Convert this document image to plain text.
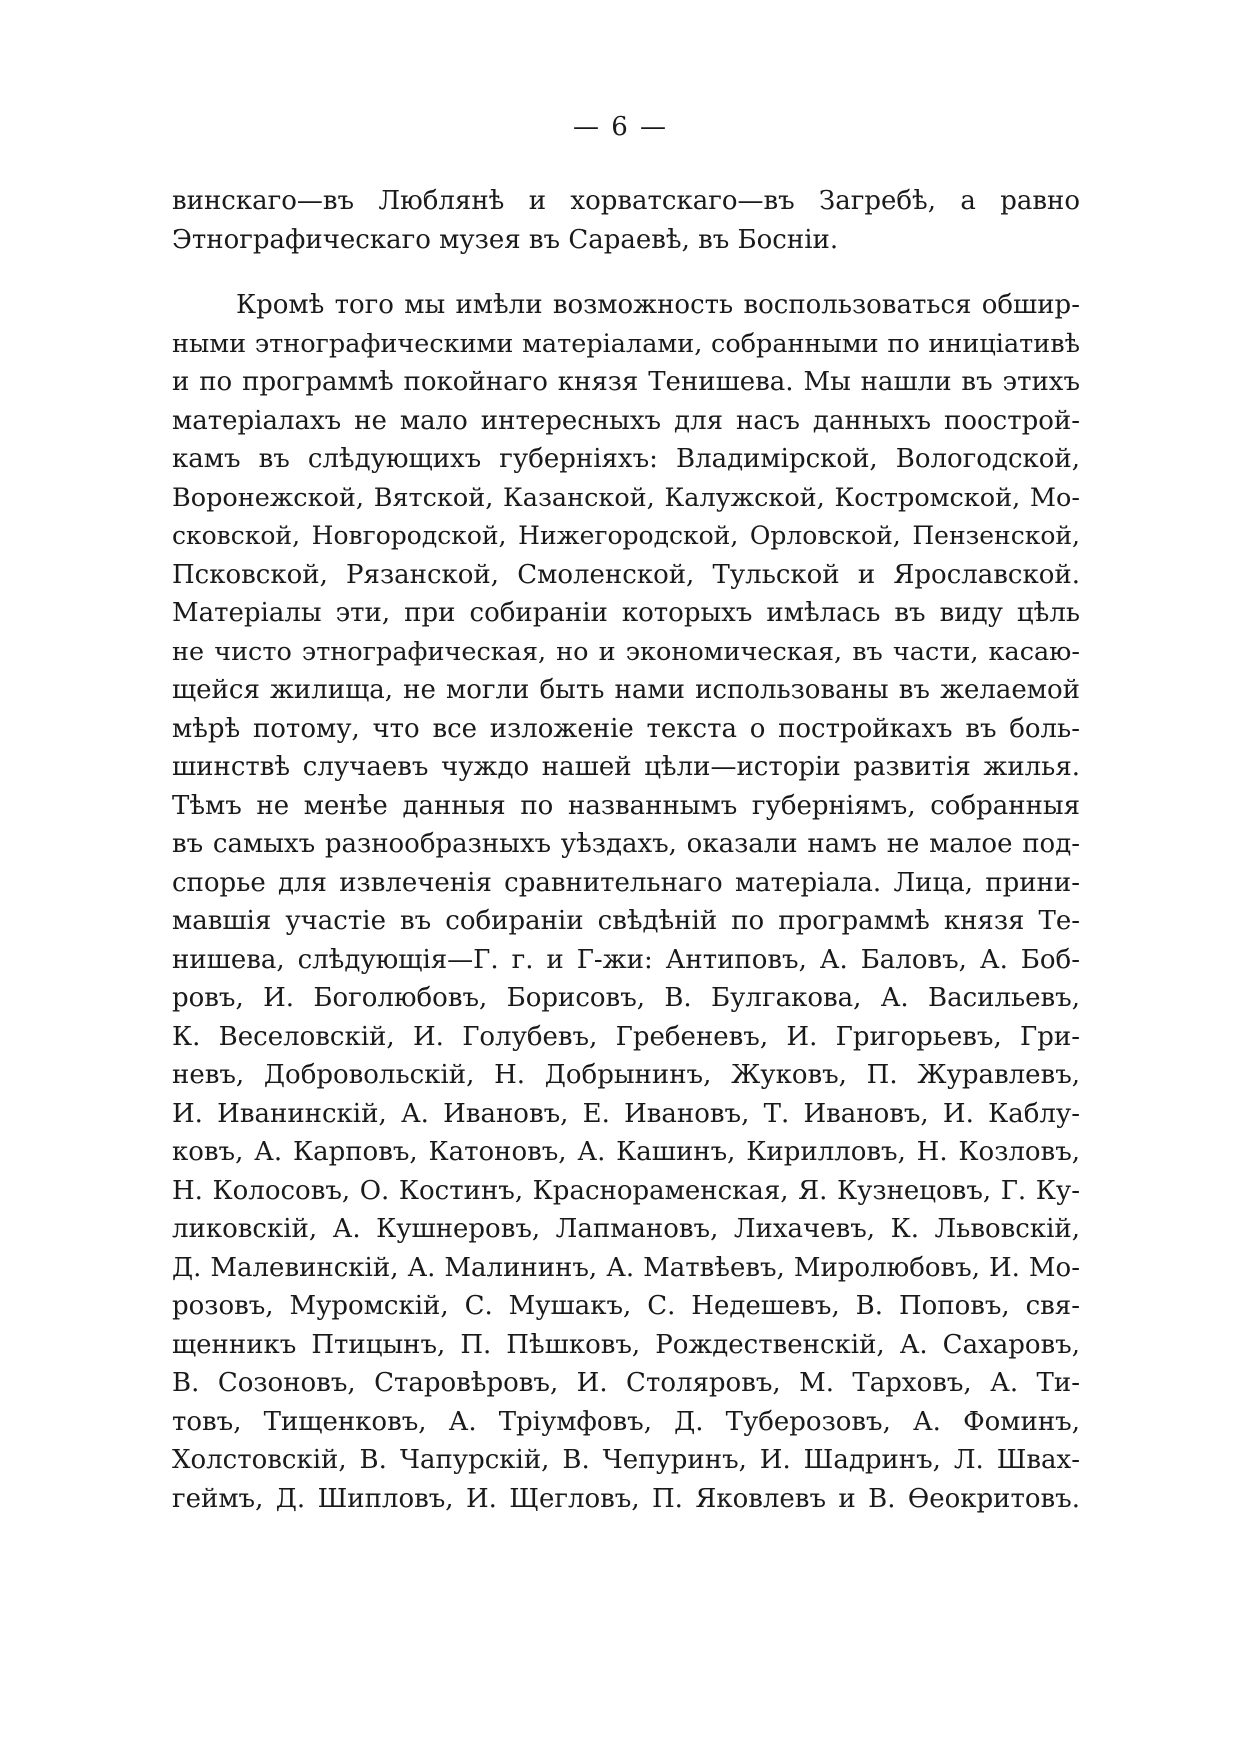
— 6 —
винскаго—въ Люблянѣ и хорватскаго—въ Загребѣ, а равно
Этнографическаго музея въ Сараевѣ, въ Босніи.
Кромѣ того мы имѣли возможность воспользоваться обшир-
ными этнографическими матеріалами, собранными по иниціативѣ
и по программѣ покойнаго князя Тенишева. Мы нашли въ этихъ
матеріалахъ не мало интересныхъ для насъ данныхъ поострой-
камъ въ слѣдующихъ губерніяхъ: Владимірской, Вологодской,
Воронежской, Вятской, Казанской, Калужской, Костромской, Мо-
сковской, Новгородской, Нижегородской, Орловской, Пензенской,
Псковской, Рязанской, Смоленской, Тульской и Ярославской.
Матеріалы эти, при собираніи которыхъ имѣлась въ виду цѣль
не чисто этнографическая, но и экономическая, въ части, касаю-
щейся жилища, не могли быть нами использованы въ желаемой
мѣрѣ потому, что все изложеніе текста о постройкахъ въ боль-
шинствѣ случаевъ чуждо нашей цѣли—исторіи развитія жилья.
Тѣмъ не менѣе данныя по названнымъ губерніямъ, собранныя
въ самыхъ разнообразныхъ уѣздахъ, оказали намъ не малое под-
спорье для извлеченія сравнительнаго матеріала. Лица, прини-
мавшія участіе въ собираніи свѣдѣній по программѣ князя Те-
нишева, слѣдующія—Г. г. и Г-жи: Антиповъ, А. Баловъ, А. Боб-
ровъ, И. Боголюбовъ, Борисовъ, В. Булгакова, А. Васильевъ,
К. Веселовскій, И. Голубевъ, Гребеневъ, И. Григорьевъ, Гри-
невъ, Добровольскій, Н. Добрынинъ, Жуковъ, П. Журавлевъ,
И. Иванинскій, А. Ивановъ, Е. Ивановъ, Т. Ивановъ, И. Каблу-
ковъ, А. Карповъ, Катоновъ, А. Кашинъ, Кирилловъ, Н. Козловъ,
Н. Колосовъ, О. Костинъ, Краснораменская, Я. Кузнецовъ, Г. Ку-
ликовскій, А. Кушнеровъ, Лапмановъ, Лихачевъ, К. Львовскій,
Д. Малевинскій, А. Малининъ, А. Матвѣевъ, Миролюбовъ, И. Мо-
розовъ, Муромскій, С. Мушакъ, С. Недешевъ, В. Поповъ, свя-
щенникъ Птицынъ, П. Пѣшковъ, Рождественскій, А. Сахаровъ,
В. Созоновъ, Старовѣровъ, И. Столяровъ, М. Тарховъ, А. Ти-
товъ, Тищенковъ, А. Тріумфовъ, Д. Туберозовъ, А. Фоминъ,
Холстовскій, В. Чапурскій, В. Чепуринъ, И. Шадринъ, Л. Швах-
геймъ, Д. Шипловъ, И. Щегловъ, П. Яковлевъ и В. Ѳеокритовъ.
